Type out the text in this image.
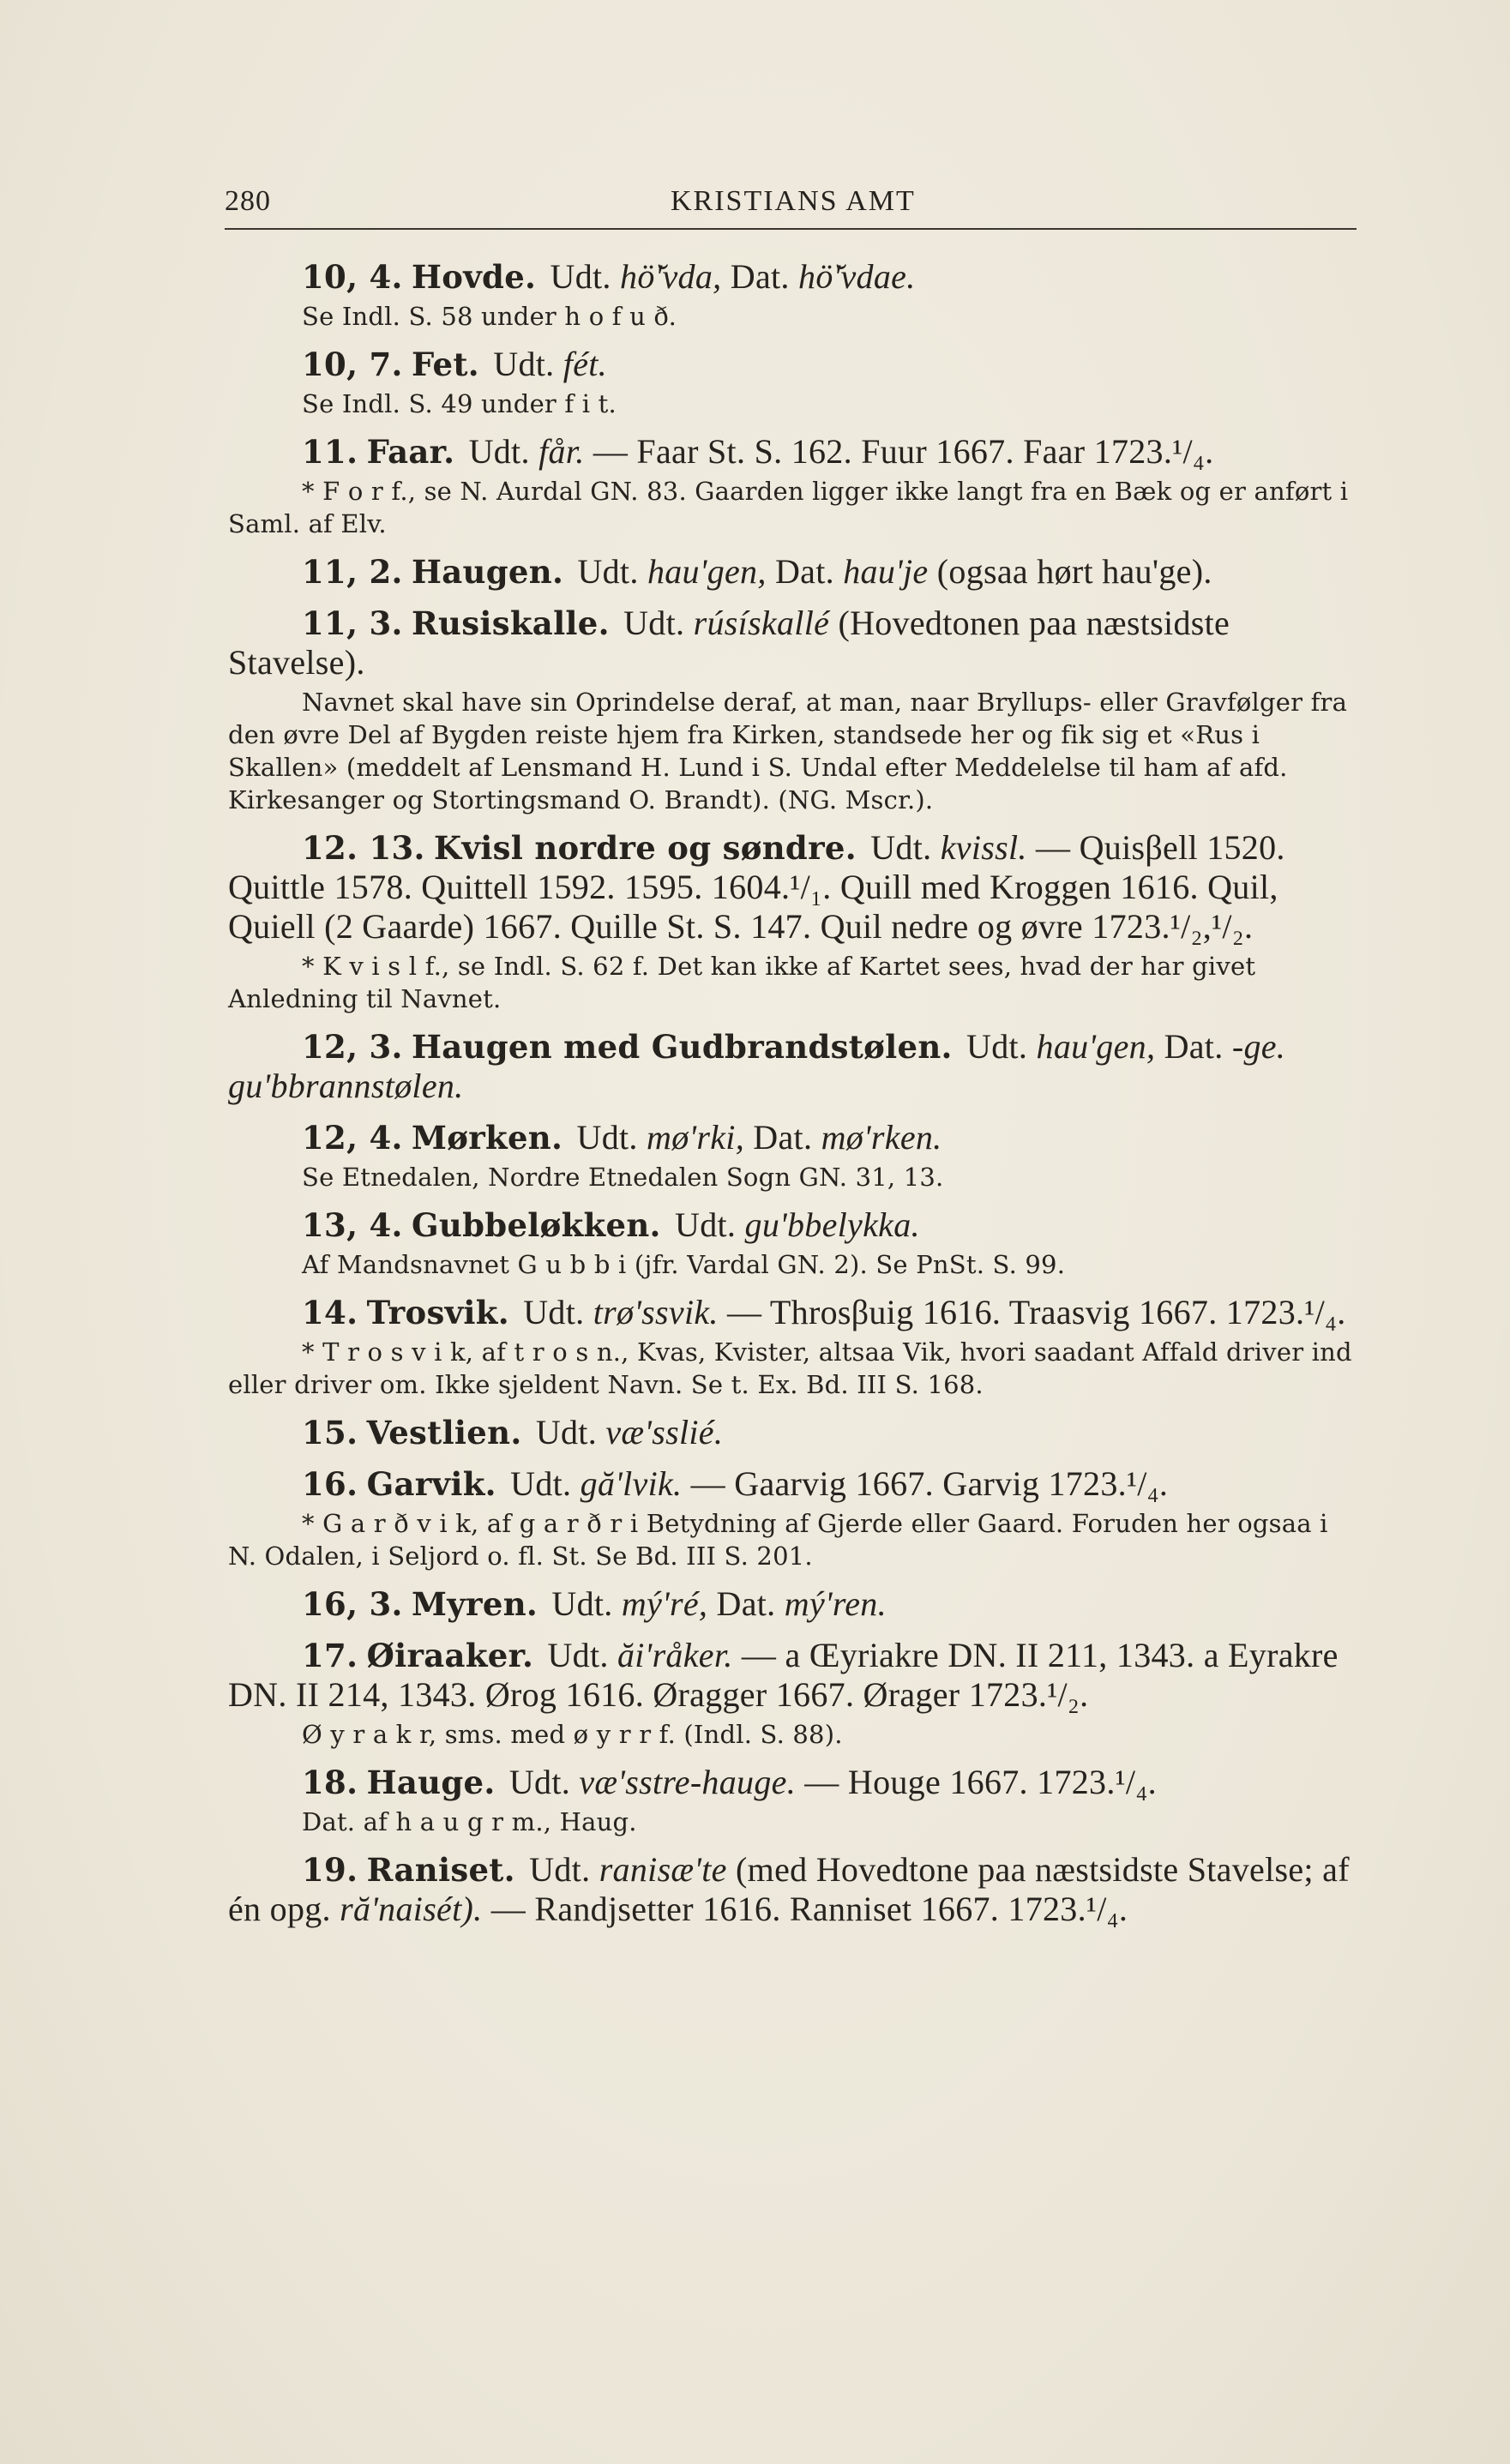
280	KRISTIANS AMT

10, 4. Hovde. Udt. hö̆'vda, Dat. hö̆'vdae.

Se Indl. S. 58 under h o f u ð.

10, 7. Fet. Udt. fét.

Se Indl. S. 49 under f i t.

11. Faar. Udt. får. — Faar St. S. 162. Fuur 1667. Faar 1723.¹/₄.

* F o r f., se N. Aurdal GN. 83. Gaarden ligger ikke langt fra en Bæk og er anført i Saml. af Elv.

11, 2. Haugen. Udt. hau'gen, Dat. hau'je (ogsaa hørt hau'ge).

11, 3. Rusiskalle. Udt. rúsískallé (Hovedtonen paa næstsidste Stavelse).

Navnet skal have sin Oprindelse deraf, at man, naar Bryllups- eller Gravfølger fra den øvre Del af Bygden reiste hjem fra Kirken, standsede her og fik sig et «Rus i Skallen» (meddelt af Lensmand H. Lund i S. Undal efter Meddelelse til ham af afd. Kirkesanger og Stortingsmand O. Brandt). (NG. Mscr.).

12. 13. Kvisl nordre og søndre. Udt. kvissl. — Quisβell 1520. Quittle 1578. Quittell 1592. 1595. 1604.¹/₁. Quill med Kroggen 1616. Quil, Quiell (2 Gaarde) 1667. Quille St. S. 147. Quil nedre og øvre 1723.¹/₂,¹/₂.

* K v i s l f., se Indl. S. 62 f. Det kan ikke af Kartet sees, hvad der har givet Anledning til Navnet.

12, 3. Haugen med Gudbrandstølen. Udt. hau'gen, Dat. -ge. gu'bbrannstølen.

12, 4. Mørken. Udt. mø'rki, Dat. mø'rken.

Se Etnedalen, Nordre Etnedalen Sogn GN. 31, 13.

13, 4. Gubbeløkken. Udt. gu'bbelykka.

Af Mandsnavnet G u b b i (jfr. Vardal GN. 2). Se PnSt. S. 99.

14. Trosvik. Udt. trø'ssvik. — Throsβuig 1616. Traasvig 1667. 1723.¹/₄.

* T r o s v i k, af t r o s n., Kvas, Kvister, altsaa Vik, hvori saadant Affald driver ind eller driver om. Ikke sjeldent Navn. Se t. Ex. Bd. III S. 168.

15. Vestlien. Udt. væ'sslié.

16. Garvik. Udt. gă'lvik. — Gaarvig 1667. Garvig 1723.¹/₄.

* G a r ð v i k, af g a r ð r i Betydning af Gjerde eller Gaard. Foruden her ogsaa i N. Odalen, i Seljord o. fl. St. Se Bd. III S. 201.

16, 3. Myren. Udt. mý'ré, Dat. mý'ren.

17. Øiraaker. Udt. ăi'råker. — a Œyriakre DN. II 211, 1343. a Eyrakre DN. II 214, 1343. Ørog 1616. Øragger 1667. Ørager 1723.¹/₂.

Ø y r a k r, sms. med ø y r r f. (Indl. S. 88).

18. Hauge. Udt. væ'sstre-hauge. — Houge 1667. 1723.¹/₄.

Dat. af h a u g r m., Haug.

19. Raniset. Udt. ranisæ'te (med Hovedtone paa næstsidste Stavelse; af én opg. ră'naisét). — Randjsetter 1616. Ranniset 1667. 1723.¹/₄.
